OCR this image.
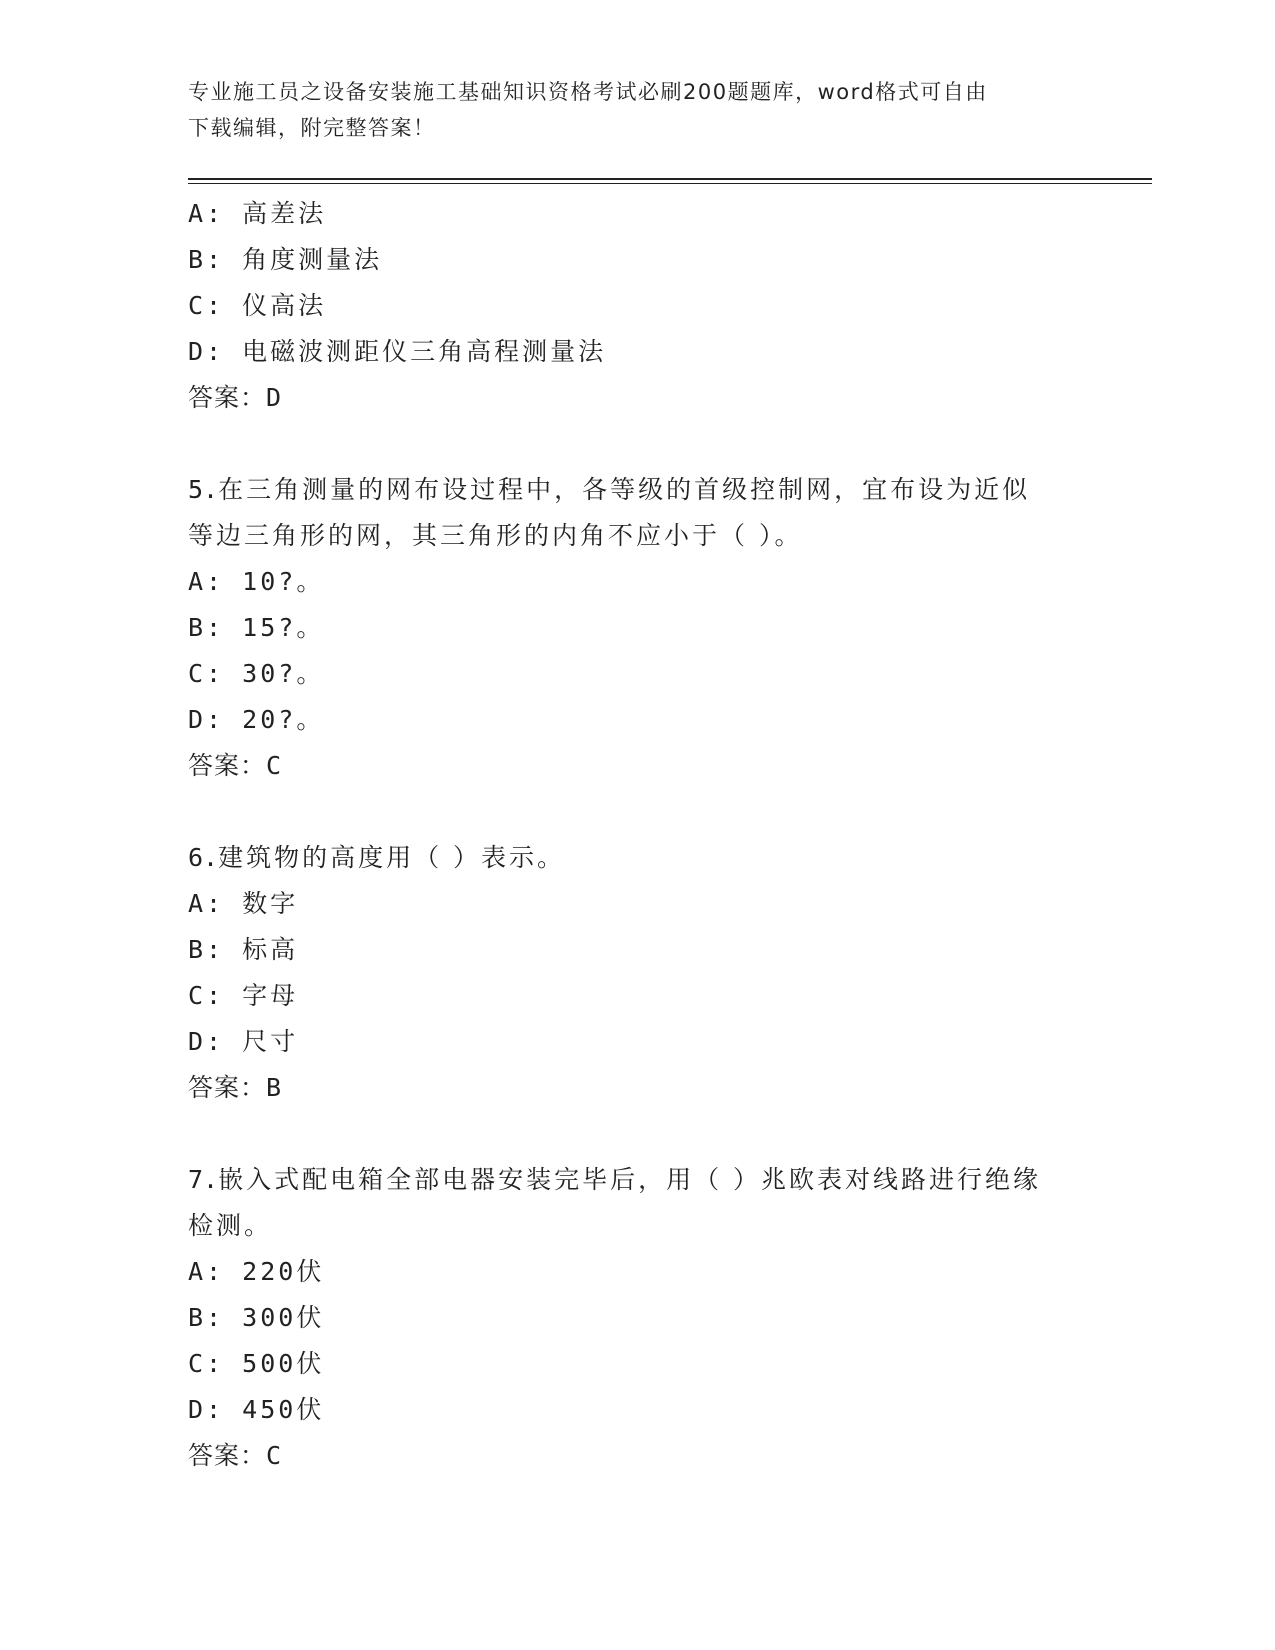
专业施工员之设备安装施工基础知识资格考试必刷200题题库，word格式可自由
下载编辑，附完整答案！
A: 高差法
B: 角度测量法
C: 仪高法
D: 电磁波测距仪三角高程测量法
答案：D
5.在三角测量的网布设过程中，各等级的首级控制网，宜布设为近似
等边三角形的网，其三角形的内角不应小于（ ）。
A: 10?。
B: 15?。
C: 30?。
D: 20?。
答案：C
6.建筑物的高度用（ ）表示。
A: 数字
B: 标高
C: 字母
D: 尺寸
答案：B
7.嵌入式配电箱全部电器安装完毕后，用（ ）兆欧表对线路进行绝缘
检测。
A: 220伏
B: 300伏
C: 500伏
D: 450伏
答案：C
